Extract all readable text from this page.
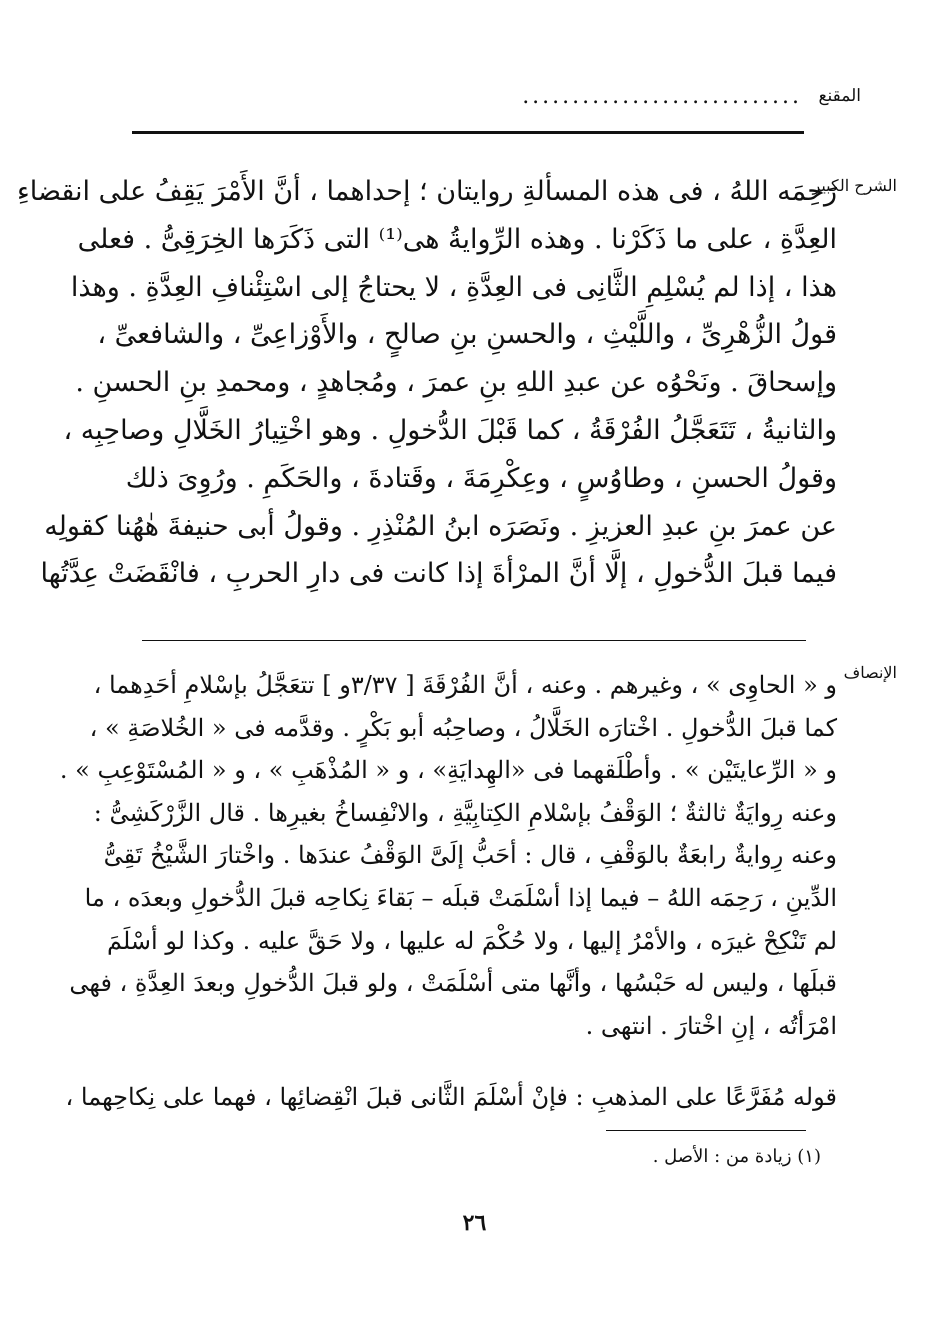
المقنع
............................
الشرح الكبير
رَحِمَه اللهُ ، فى هذه المسألةِ روايتان ؛ إحداهما ، أنَّ الأَمْرَ يَقِفُ على انقضاءِ
العِدَّةِ ، على ما ذَكَرْنا . وهذه الرِّوايةُ هى⁽¹⁾ التى ذَكَرَها الخِرَقِىُّ . فعلى
هذا ، إذا لم يُسْلِمِ الثَّانِى فى العِدَّةِ ، لا يحتاجُ إلى اسْتِئْنافِ العِدَّةِ . وهذا
قولُ الزُّهْرِىِّ ، واللَّيْثِ ، والحسنِ بنِ صالحٍ ، والأَوْزاعِىِّ ، والشافعىِّ ،
وإسحاقَ . ونَحْوُه عن عبدِ اللهِ بنِ عمرَ ، ومُجاهدٍ ، ومحمدِ بنِ الحسنِ .
والثانيةُ ، تَتَعَجَّلُ الفُرْقَةُ ، كما قَبْلَ الدُّخولِ . وهو اخْتِيارُ الخَلَّالِ وصاحِبِه ،
وقولُ الحسنِ ، وطاوُسٍ ، وعِكْرِمَةَ ، وقَتادةَ ، والحَكَمِ . ورُوِىَ ذلك
عن عمرَ بنِ عبدِ العزيزِ . ونَصَرَه ابنُ المُنْذِرِ . وقولُ أبى حنيفةَ هٰهُنا كقولِه
فيما قبلَ الدُّخولِ ، إلَّا أنَّ المرْأةَ إذا كانت فى دارِ الحربِ ، فانْقَضَتْ عِدَّتُها
الإنصاف
و « الحاوِى » ، وغيرهم . وعنه ، أنَّ الفُرْقَةَ [ ٣/٣٧و ] تتعَجَّلُ بإسْلامِ أحَدِهما ،
كما قبلَ الدُّخولِ . اخْتارَه الخَلَّالُ ، وصاحِبُه أبو بَكْرٍ . وقدَّمه فى « الخُلاصَةِ » ،
و « الرِّعايتَيْن » . وأطْلَقهما فى «الهِدايَةِ» ، و « المُذْهَبِ » ، و « المُسْتَوْعِبِ » .
وعنه رِوايَةٌ ثالثةٌ ؛ الوَقْفُ بإسْلامِ الكِتابِيَّةِ ، والانْفِساخُ بغيرِها . قال الزَّرْكَشِىُّ :
وعنه رِوايةٌ رابعَةٌ بالوَقْفِ ، قال : أحَبُّ إلَىَّ الوَقْفُ عندَها . واخْتارَ الشَّيْخُ تَقِىُّ
الدِّينِ ، رَحِمَه اللهُ – فيما إذا أسْلَمَتْ قبلَه – بَقاءَ نِكاحِه قبلَ الدُّخولِ وبعدَه ، ما
لم تَنْكِحْ غيرَه ، والأمْرُ إليها ، ولا حُكْمَ له عليها ، ولا حَقَّ عليه . وكذا لو أسْلَمَ
قبلَها ، وليس له حَبْسُها ، وأنَّها متى أسْلَمَتْ ، ولو قبلَ الدُّخولِ وبعدَ العِدَّةِ ، فهى
امْرَأتُه ، إنِ اخْتارَ . انتهى .
قوله مُفَرَّعًا على المذهبِ : فإنْ أسْلَمَ الثَّانى قبلَ انْقِضائِها ، فهما على نِكاحِهما ،
(١) زيادة من : الأصل .
٢٦
